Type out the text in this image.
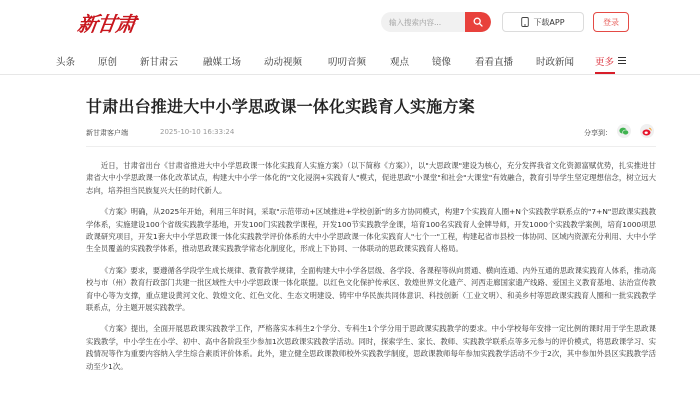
新甘肃
输入搜索内容...	下载APP	登录
头条 原创 新甘肃云	融媒工场 动动视频	叨叨音频	观点 镜像	看看直播 时政新闻 更多
甘肃出台推进大中小学思政课一体化实践育人实施方案
新甘肃客户端	2025-10-10 16:33:24	分享到：

近日，甘肃省出台《甘肃省推进大中小学思政课一体化实践育人实施方案》（以下简称《方案》），以"大思政课"建设为核心，充分发挥我省文化资源富赋优势，扎实推进甘肃省大中小学思政课一体化改革试点，构建大中小学一体化的"文化浸润+实践育人"模式，促进思政"小课堂"和社会"大课堂"有效融合，教育引导学生坚定理想信念，树立远大志向，培养担当民族复兴大任的时代新人。

《方案》明确，从2025年开始，利用三年时间，采取"示范带动+区域推进+学校创新"的多方协同模式，构建7个实践育人圈+N个实践教学联系点的"7+N"思政课实践教学体系，实施建设100个省级实践教学基地，开发100门实践教学课程，开发100节实践教学金课，培育100名实践育人金牌导师，开发1000个实践教学案例，培育1000项思政课研究项目，开发1套大中小学思政课一体化实践教学评价体系的大中小学思政课一体化实践育人"七个一"工程，构建起省市县校一体协同、区域内资源充分利用、大中小学生全员覆盖的实践教学体系，推动思政课实践教学常态化制度化，形成上下协同、一体联动的思政课实践育人格局。

《方案》要求，要遵循各学段学生成长规律、教育教学规律，全面构建大中小学各层级、各学段、各课程等纵向贯通、横向连通、内外互通的思政课实践育人体系，推动高校与市（州）教育行政部门共建一批区域性大中小学思政课一体化联盟。以红色文化保护传承区、敦煌世界文化遗产、河西走廊国家遗产线路、爱国主义教育基地、法治宣传教育中心等为支撑，重点建设黄河文化、敦煌文化、红色文化、生态文明建设、铸牢中华民族共同体意识、科技创新（工业文明）、和美乡村等思政课实践育人圈和一批实践教学联系点，分主题开展实践教学。

《方案》提出，全面开展思政课实践教学工作，严格落实本科生2个学分、专科生1个学分用于思政课实践教学的要求。中小学校每年安排一定比例的课时用于学生思政课实践教学，中小学生在小学、初中、高中各阶段至少参加1次思政课实践教学活动。同时，探索学生、家长、教师、实践教学联系点等多元参与的评价模式，将思政课学习、实践情况等作为重要内容纳入学生综合素质评价体系。此外，建立健全思政课教师校外实践教学制度，思政课教师每年参加实践教学活动不少于2次，其中参加外县区实践教学活动至少1次。
